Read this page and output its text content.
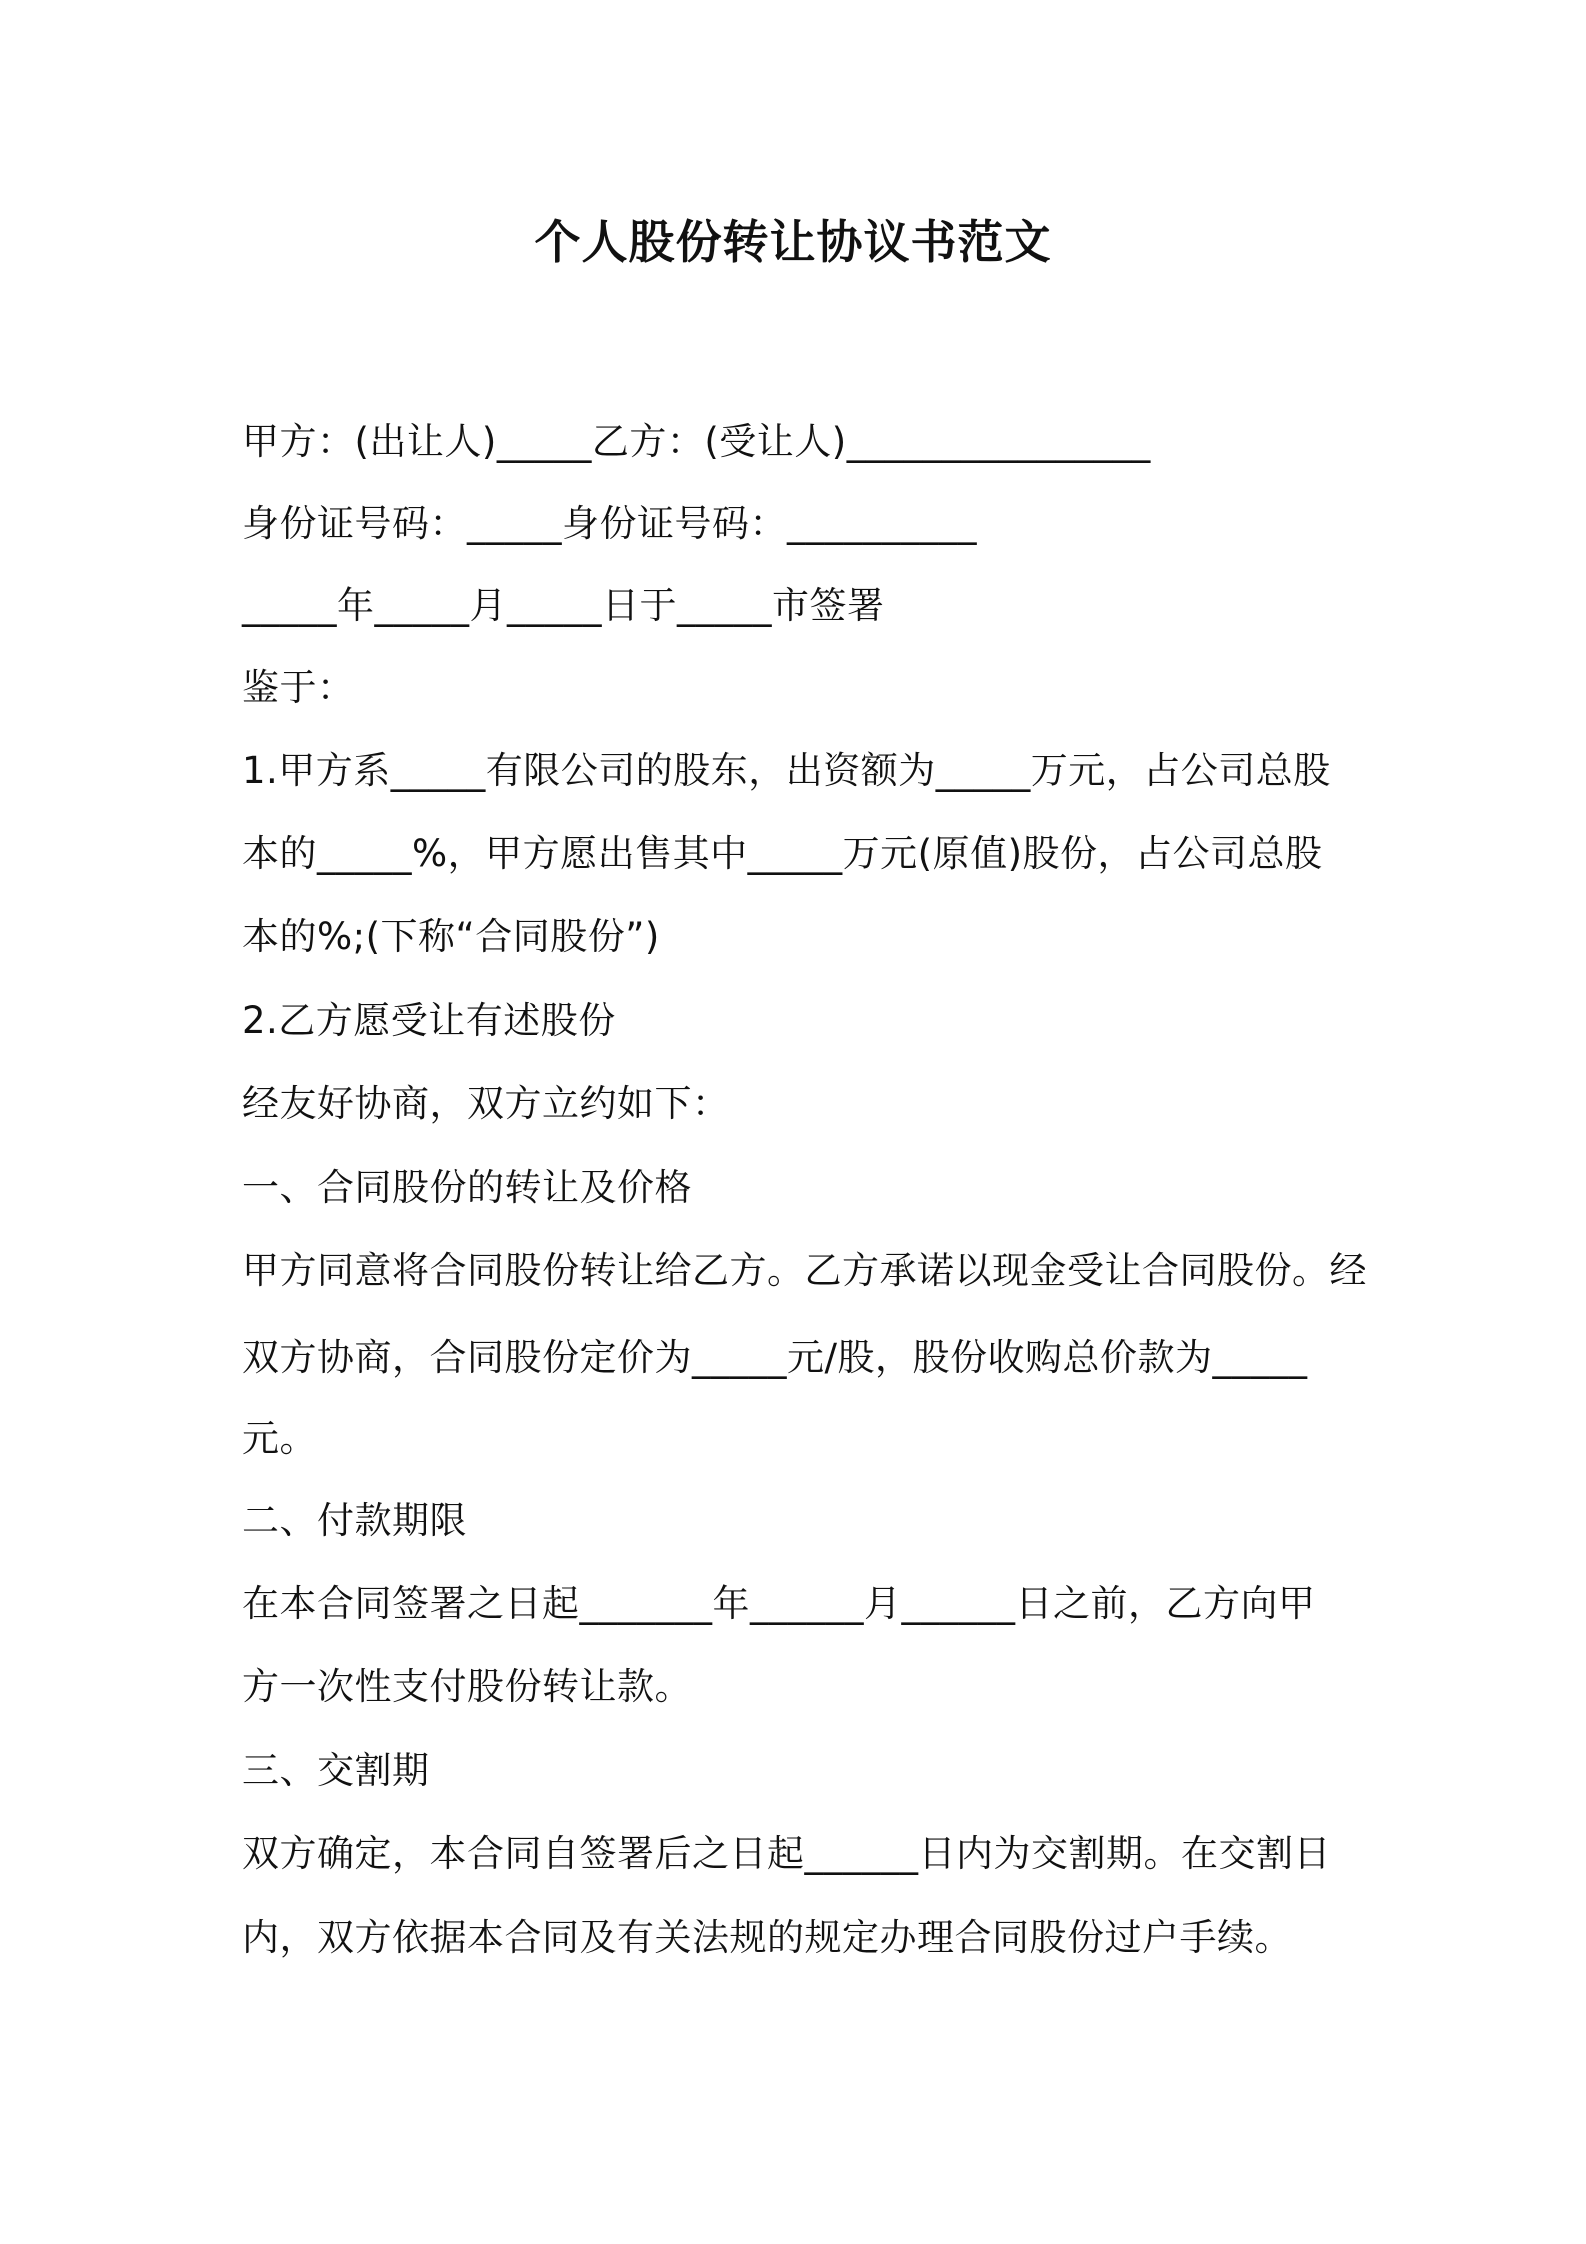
个人股份转让协议书范文
甲方：(出让人)_____乙方：(受让人)________________
身份证号码：_____身份证号码：__________
_____年_____月_____日于_____市签署
鉴于：
1.甲方系_____有限公司的股东，出资额为_____万元，占公司总股
本的_____%，甲方愿出售其中_____万元(原值)股份，占公司总股
本的%;(下称“合同股份”)
2.乙方愿受让有述股份
经友好协商，双方立约如下：
一、合同股份的转让及价格
甲方同意将合同股份转让给乙方。乙方承诺以现金受让合同股份。经
双方协商，合同股份定价为_____元/股，股份收购总价款为_____
元。
二、付款期限
在本合同签署之日起_______年______月______日之前，乙方向甲
方一次性支付股份转让款。
三、交割期
双方确定，本合同自签署后之日起______日内为交割期。在交割日
内，双方依据本合同及有关法规的规定办理合同股份过户手续。
